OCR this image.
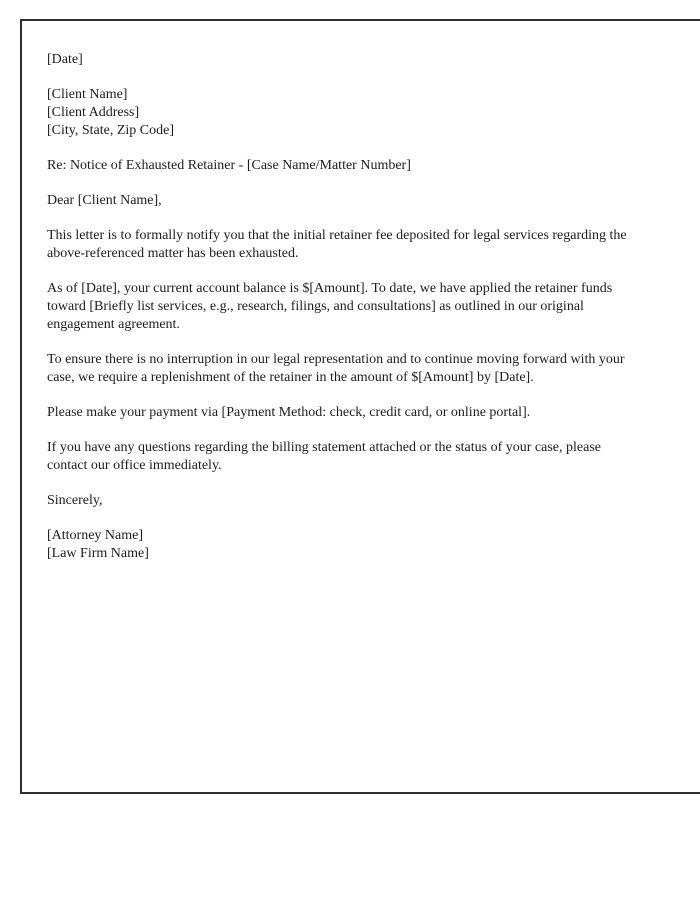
[Date]

[Client Name]
[Client Address]
[City, State, Zip Code]

Re: Notice of Exhausted Retainer - [Case Name/Matter Number]

Dear [Client Name],

This letter is to formally notify you that the initial retainer fee deposited for legal services regarding the above-referenced matter has been exhausted.

As of [Date], your current account balance is $[Amount]. To date, we have applied the retainer funds toward [Briefly list services, e.g., research, filings, and consultations] as outlined in our original engagement agreement.

To ensure there is no interruption in our legal representation and to continue moving forward with your case, we require a replenishment of the retainer in the amount of $[Amount] by [Date].

Please make your payment via [Payment Method: check, credit card, or online portal].

If you have any questions regarding the billing statement attached or the status of your case, please contact our office immediately.

Sincerely,

[Attorney Name]
[Law Firm Name]
